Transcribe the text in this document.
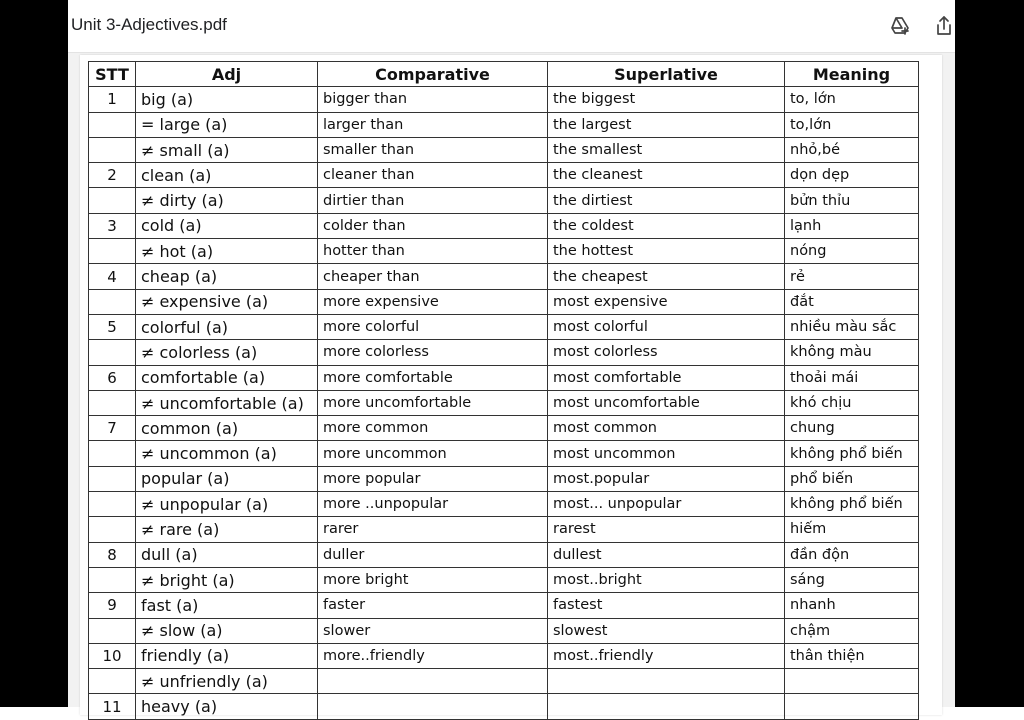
Unit 3-Adjectives.pdf
STT	Adj	Comparative	Superlative	Meaning
1	big (a)	bigger than	the biggest	to, lớn
	= large (a)	larger than	the largest	to,lớn
	≠ small (a)	smaller than	the smallest	nhỏ,bé
2	clean (a)	cleaner than	the cleanest	dọn dẹp
	≠ dirty (a)	dirtier than	the dirtiest	bửn thỉu
3	cold (a)	colder than	the coldest	lạnh
	≠ hot (a)	hotter than	the hottest	nóng
4	cheap (a)	cheaper than	the cheapest	rẻ
	≠ expensive (a)	more expensive	most expensive	đắt
5	colorful (a)	more colorful	most colorful	nhiều màu sắc
	≠ colorless (a)	more colorless	most colorless	không màu
6	comfortable (a)	more comfortable	most comfortable	thoải mái
	≠ uncomfortable (a)	more uncomfortable	most uncomfortable	khó chịu
7	common (a)	more common	most common	chung
	≠ uncommon (a)	more uncommon	most uncommon	không phổ biến
	popular (a)	more popular	most.popular	phổ biến
	≠ unpopular (a)	more ..unpopular	most... unpopular	không phổ biến
	≠ rare (a)	rarer	rarest	hiếm
8	dull (a)	duller	dullest	đần độn
	≠ bright (a)	more bright	most..bright	sáng
9	fast (a)	faster	fastest	nhanh
	≠ slow (a)	slower	slowest	chậm
10	friendly (a)	more..friendly	most..friendly	thân thiện
	≠ unfriendly (a)			
11	heavy (a)			
